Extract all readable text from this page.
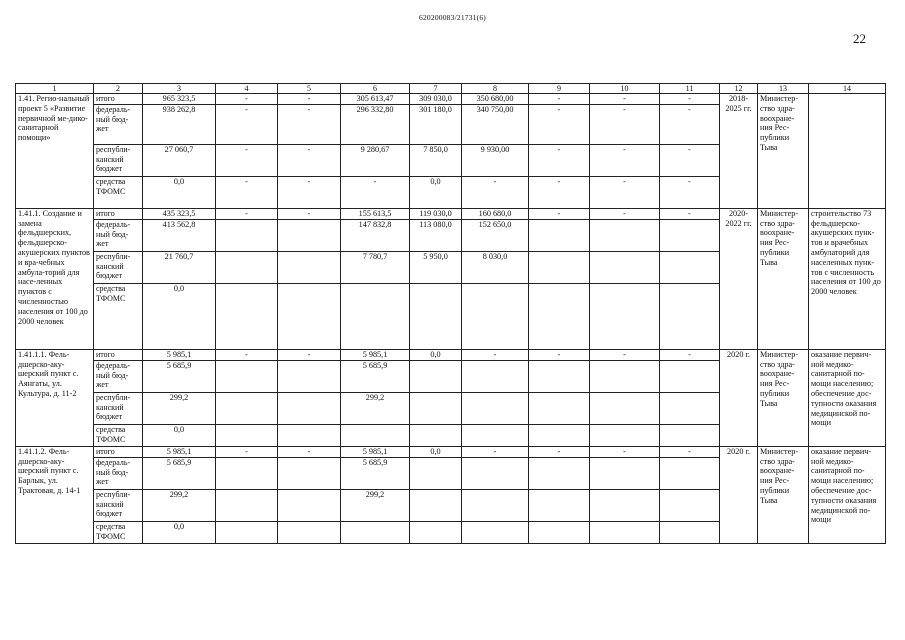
620200083/21731(6)
22
1	2	3	4	5	6	7	8	9	10	11	12	13	14
1.41. Регио-нальный проект 5 «Развитие первичной ме-дико-санитарной помощи»	итого	965 323,5	-	-	305 613,47	309 030,0	350 680,00	-	-	-	2018-2025 гг.	Министер-ство здра-воохране-ния Рес-публики Тыва	
	федераль-ный бюд-жет	938 262,8	-	-	296 332,80	301 180,0	340 750,00	-	-	-			
	республи-канский бюджет	27 060,7	-	-	9 280,67	7 850,0	9 930,00	-	-	-			
	средства ТФОМС	0,0	-	-	-	0,0	-	-	-	-			
1.41.1. Создание и замена фельдшерских, фельдшерско-акушерских пунктов и вра-чебных амбула-торий для насе-ленных пунктов с численностью населения от 100 до 2000 человек	итого	435 323,5	-	-	155 613,5	119 030,0	160 680,0	-	-	-	2020-2022 гг.	Министер-ство здра-воохране-ния Рес-публики Тыва	строительство 73 фельдшерско-акушерских пунк-тов и врачебных амбулаторий для населенных пунк-тов с численность населения от 100 до 2000 человек
	федераль-ный бюд-жет	413 562,8			147 832,8	113 080,0	152 650,0						
	республи-канский бюджет	21 760,7			7 780,7	5 950,0	8 030,0						
	средства ТФОМС	0,0											
1.41.1.1. Фель-дшерско-аку-шерский пункт с. Аянгаты, ул. Культура, д. 11-2	итого	5 985,1	-	-	5 985,1	0,0	-	-	-	-	2020 г.	Министер-ство здра-воохране-ния Рес-публики Тыва	оказание первич-ной медико-санитарной по-мощи населению; обеспечение дос-тупности оказания медицинской по-мощи
	федераль-ный бюд-жет	5 685,9			5 685,9								
	республи-канский бюджет	299,2			299,2								
	средства ТФОМС	0,0											
1.41.1.2. Фель-дшерско-аку-шерский пункт с. Барлык, ул. Трактовая, д. 14-1	итого	5 985,1	-	-	5 985,1	0,0	-	-	-	-	2020 г.	Министер-ство здра-воохране-ния Рес-публики Тыва	оказание первич-ной медико-санитарной по-мощи населению; обеспечение дос-тупности оказания медицинской по-мощи
	федераль-ный бюд-жет	5 685,9			5 685,9								
	республи-канский бюджет	299,2			299,2								
	средства ТФОМС	0,0											
